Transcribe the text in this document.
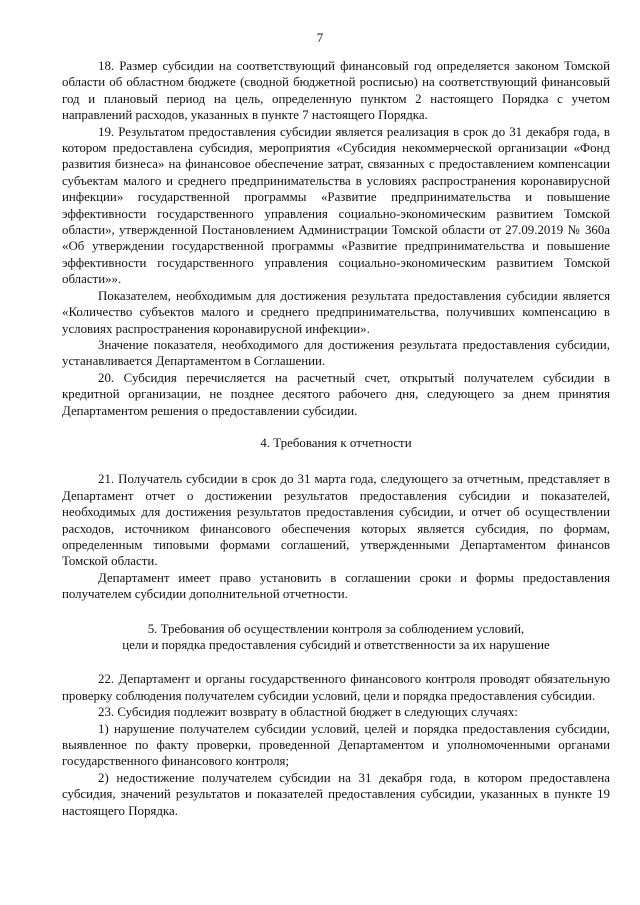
7

18. Размер субсидии на соответствующий финансовый год определяется законом Томской области об областном бюджете (сводной бюджетной росписью) на соответствующий финансовый год и плановый период на цель, определенную пунктом 2 настоящего Порядка с учетом направлений расходов, указанных в пункте 7 настоящего Порядка.

19. Результатом предоставления субсидии является реализация в срок до 31 декабря года, в котором предоставлена субсидия, мероприятия «Субсидия некоммерческой организации «Фонд развития бизнеса» на финансовое обеспечение затрат, связанных с предоставлением компенсации субъектам малого и среднего предпринимательства в условиях распространения коронавирусной инфекции» государственной программы «Развитие предпринимательства и повышение эффективности государственного управления социально-экономическим развитием Томской области», утвержденной Постановлением Администрации Томской области от 27.09.2019 № 360а «Об утверждении государственной программы «Развитие предпринимательства и повышение эффективности государственного управления социально-экономическим развитием Томской области»».

Показателем, необходимым для достижения результата предоставления субсидии является «Количество субъектов малого и среднего предпринимательства, получивших компенсацию в условиях распространения коронавирусной инфекции».

Значение показателя, необходимого для достижения результата предоставления субсидии, устанавливается Департаментом в Соглашении.

20. Субсидия перечисляется на расчетный счет, открытый получателем субсидии в кредитной организации, не позднее десятого рабочего дня, следующего за днем принятия Департаментом решения о предоставлении субсидии.

4. Требования к отчетности

21. Получатель субсидии в срок до 31 марта года, следующего за отчетным, представляет в Департамент отчет о достижении результатов предоставления субсидии и показателей, необходимых для достижения результатов предоставления субсидии, и отчет об осуществлении расходов, источником финансового обеспечения которых является субсидия, по формам, определенным типовыми формами соглашений, утвержденными Департаментом финансов Томской области.

Департамент имеет право установить в соглашении сроки и формы предоставления получателем субсидии дополнительной отчетности.

5. Требования об осуществлении контроля за соблюдением условий,

цели и порядка предоставления субсидий и ответственности за их нарушение

22. Департамент и органы государственного финансового контроля проводят обязательную проверку соблюдения получателем субсидии условий, цели и порядка предоставления субсидии.

23. Субсидия подлежит возврату в областной бюджет в следующих случаях:

1) нарушение получателем субсидии условий, целей и порядка предоставления субсидии, выявленное по факту проверки, проведенной Департаментом и уполномоченными органами государственного финансового контроля;

2) недостижение получателем субсидии на 31 декабря года, в котором предоставлена субсидия, значений результатов и показателей предоставления субсидии, указанных в пункте 19 настоящего Порядка.
